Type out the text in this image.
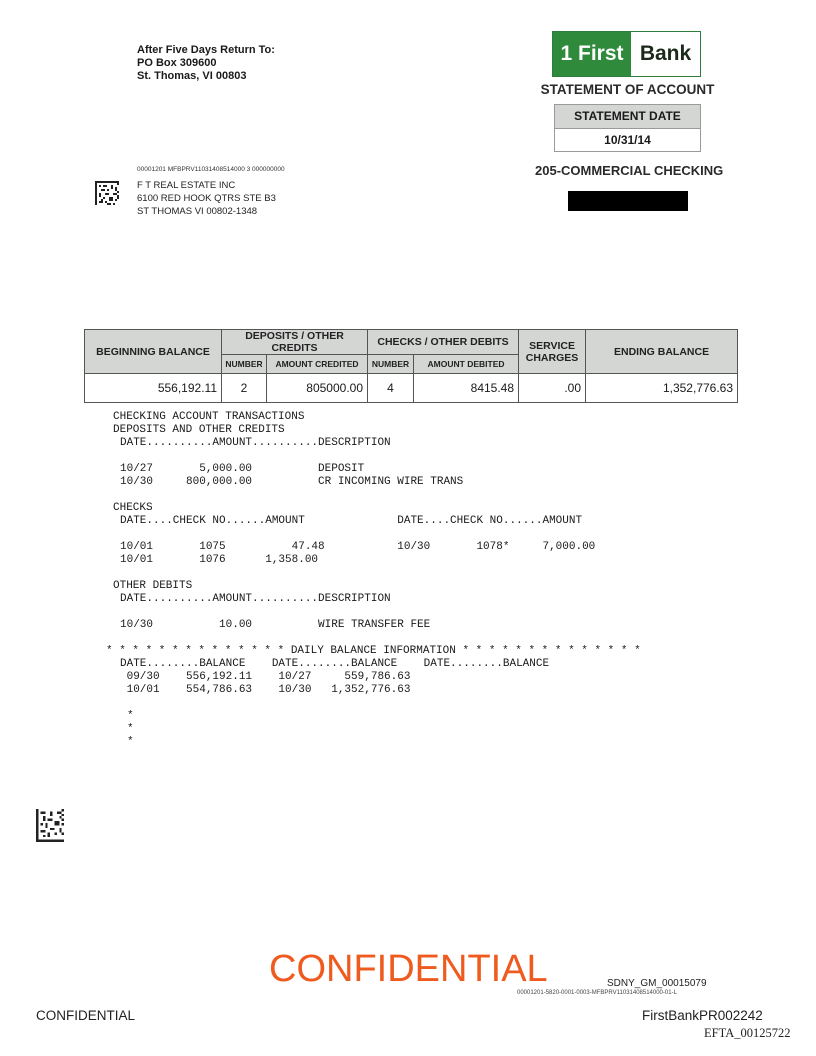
After Five Days Return To:
PO Box 309600
St. Thomas, VI 00803
1 First Bank
STATEMENT OF ACCOUNT
STATEMENT DATE
10/31/14
205-COMMERCIAL CHECKING
00001201 MFBPRV11031408514000 3 000000000
F T REAL ESTATE INC
6100 RED HOOK QTRS STE B3
ST THOMAS VI 00802-1348
BEGINNING BALANCE	DEPOSITS / OTHER CREDITS		CHECKS / OTHER DEBITS		SERVICE CHARGES	ENDING BALANCE
	NUMBER	AMOUNT CREDITED	NUMBER	AMOUNT DEBITED		
556,192.11	2	805000.00	4	8415.48	.00	1,352,776.63
CHECKING ACCOUNT TRANSACTIONS
DEPOSITS AND OTHER CREDITS
DATE..........AMOUNT..........DESCRIPTION
10/27       5,000.00          DEPOSIT
10/30     800,000.00          CR INCOMING WIRE TRANS
CHECKS
DATE....CHECK NO......AMOUNT              DATE....CHECK NO......AMOUNT
10/01       1075          47.48           10/30       1078*     7,000.00
10/01       1076      1,358.00
OTHER DEBITS
DATE..........AMOUNT..........DESCRIPTION
10/30          10.00          WIRE TRANSFER FEE
* * * * * * * * * * * * * * DAILY BALANCE INFORMATION * * * * * * * * * * * * * *
DATE........BALANCE    DATE........BALANCE    DATE........BALANCE
09/30    556,192.11    10/27     559,786.63
10/01    554,786.63    10/30   1,352,776.63
*
*
*
CONFIDENTIAL	SDNY_GM_00015079
00001201-5820-0001-0003-MFBPRV11031408514000-01-L
CONFIDENTIAL	FirstBankPR002242
EFTA_00125722
